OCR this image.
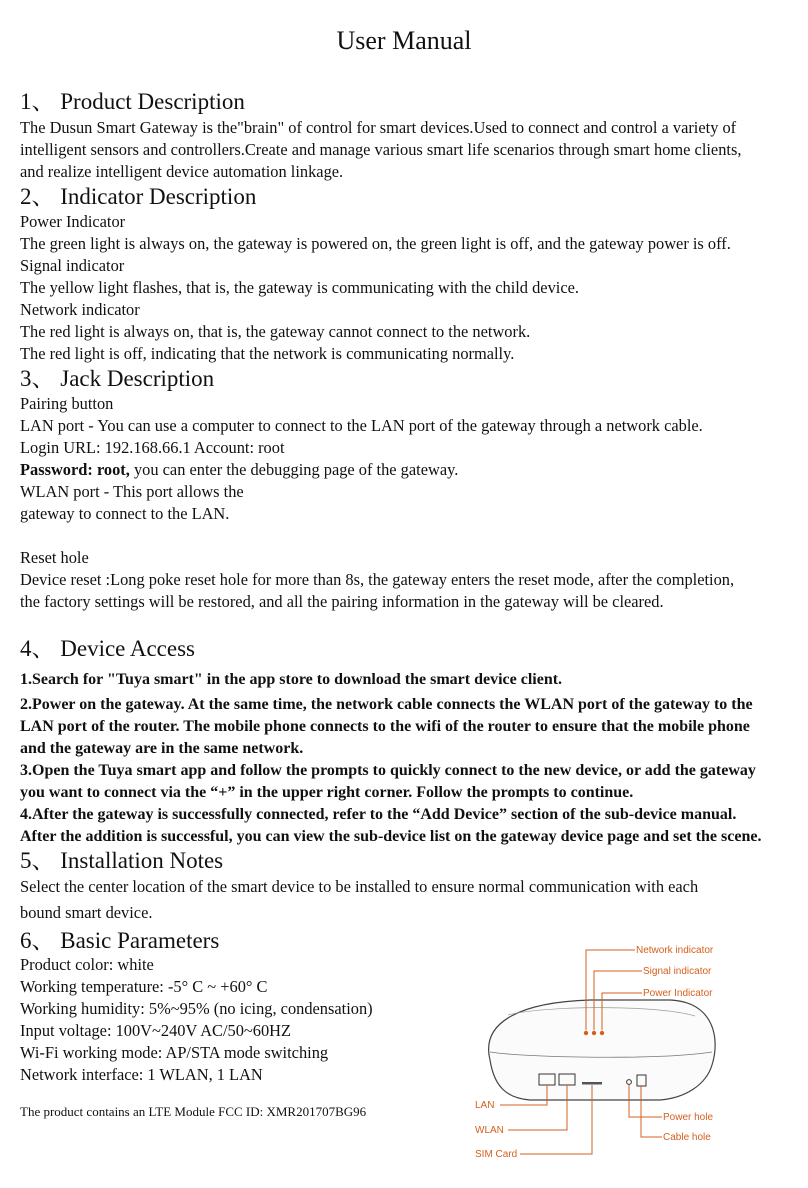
User Manual
1、 Product Description
The Dusun Smart Gateway is the"brain" of control for smart devices.Used to connect and control a variety of
intelligent sensors and controllers.Create and manage various smart life scenarios through smart home clients,
and realize intelligent device automation linkage.
2、 Indicator Description
Power Indicator
The green light is always on, the gateway is powered on, the green light is off, and the gateway power is off.
Signal indicator
The yellow light flashes, that is, the gateway is communicating with the child device.
Network indicator
The red light is always on, that is, the gateway cannot connect to the network.
The red light is off, indicating that the network is communicating normally.
3、 Jack Description
Pairing button
LAN port - You can use a computer to connect to the LAN port of the gateway through a network cable.
Login URL: 192.168.66.1 Account: root
Password: root, you can enter the debugging page of the gateway.
WLAN port - This port allows the
gateway to connect to the LAN.
Reset hole
Device reset :Long poke reset hole for more than 8s, the gateway enters the reset mode, after the completion,
the factory settings will be restored, and all the pairing information in the gateway will be cleared.
4、 Device Access
1.Search for "Tuya smart" in the app store to download the smart device client.
2.Power on the gateway. At the same time, the network cable connects the WLAN port of the gateway to the
LAN port of the router. The mobile phone connects to the wifi of the router to ensure that the mobile phone
and the gateway are in the same network.
3.Open the Tuya smart app and follow the prompts to quickly connect to the new device, or add the gateway
you want to connect via the “+” in the upper right corner. Follow the prompts to continue.
4.After the gateway is successfully connected, refer to the “Add Device” section of the sub-device manual.
After the addition is successful, you can view the sub-device list on the gateway device page and set the scene.
5、 Installation Notes
Select the center location of the smart device to be installed to ensure normal communication with each
bound smart device.
6、 Basic Parameters
Product color: white
Working temperature: -5° C ~ +60° C
Working humidity: 5%~95% (no icing, condensation)
Input voltage: 100V~240V AC/50~60HZ
Wi-Fi working mode: AP/STA mode switching
Network interface: 1 WLAN, 1 LAN
The product contains an LTE Module FCC ID: XMR201707BG96
Network indicator
Signal indicator
Power Indicator
LAN
WLAN
SIM Card
Power hole
Cable hole
